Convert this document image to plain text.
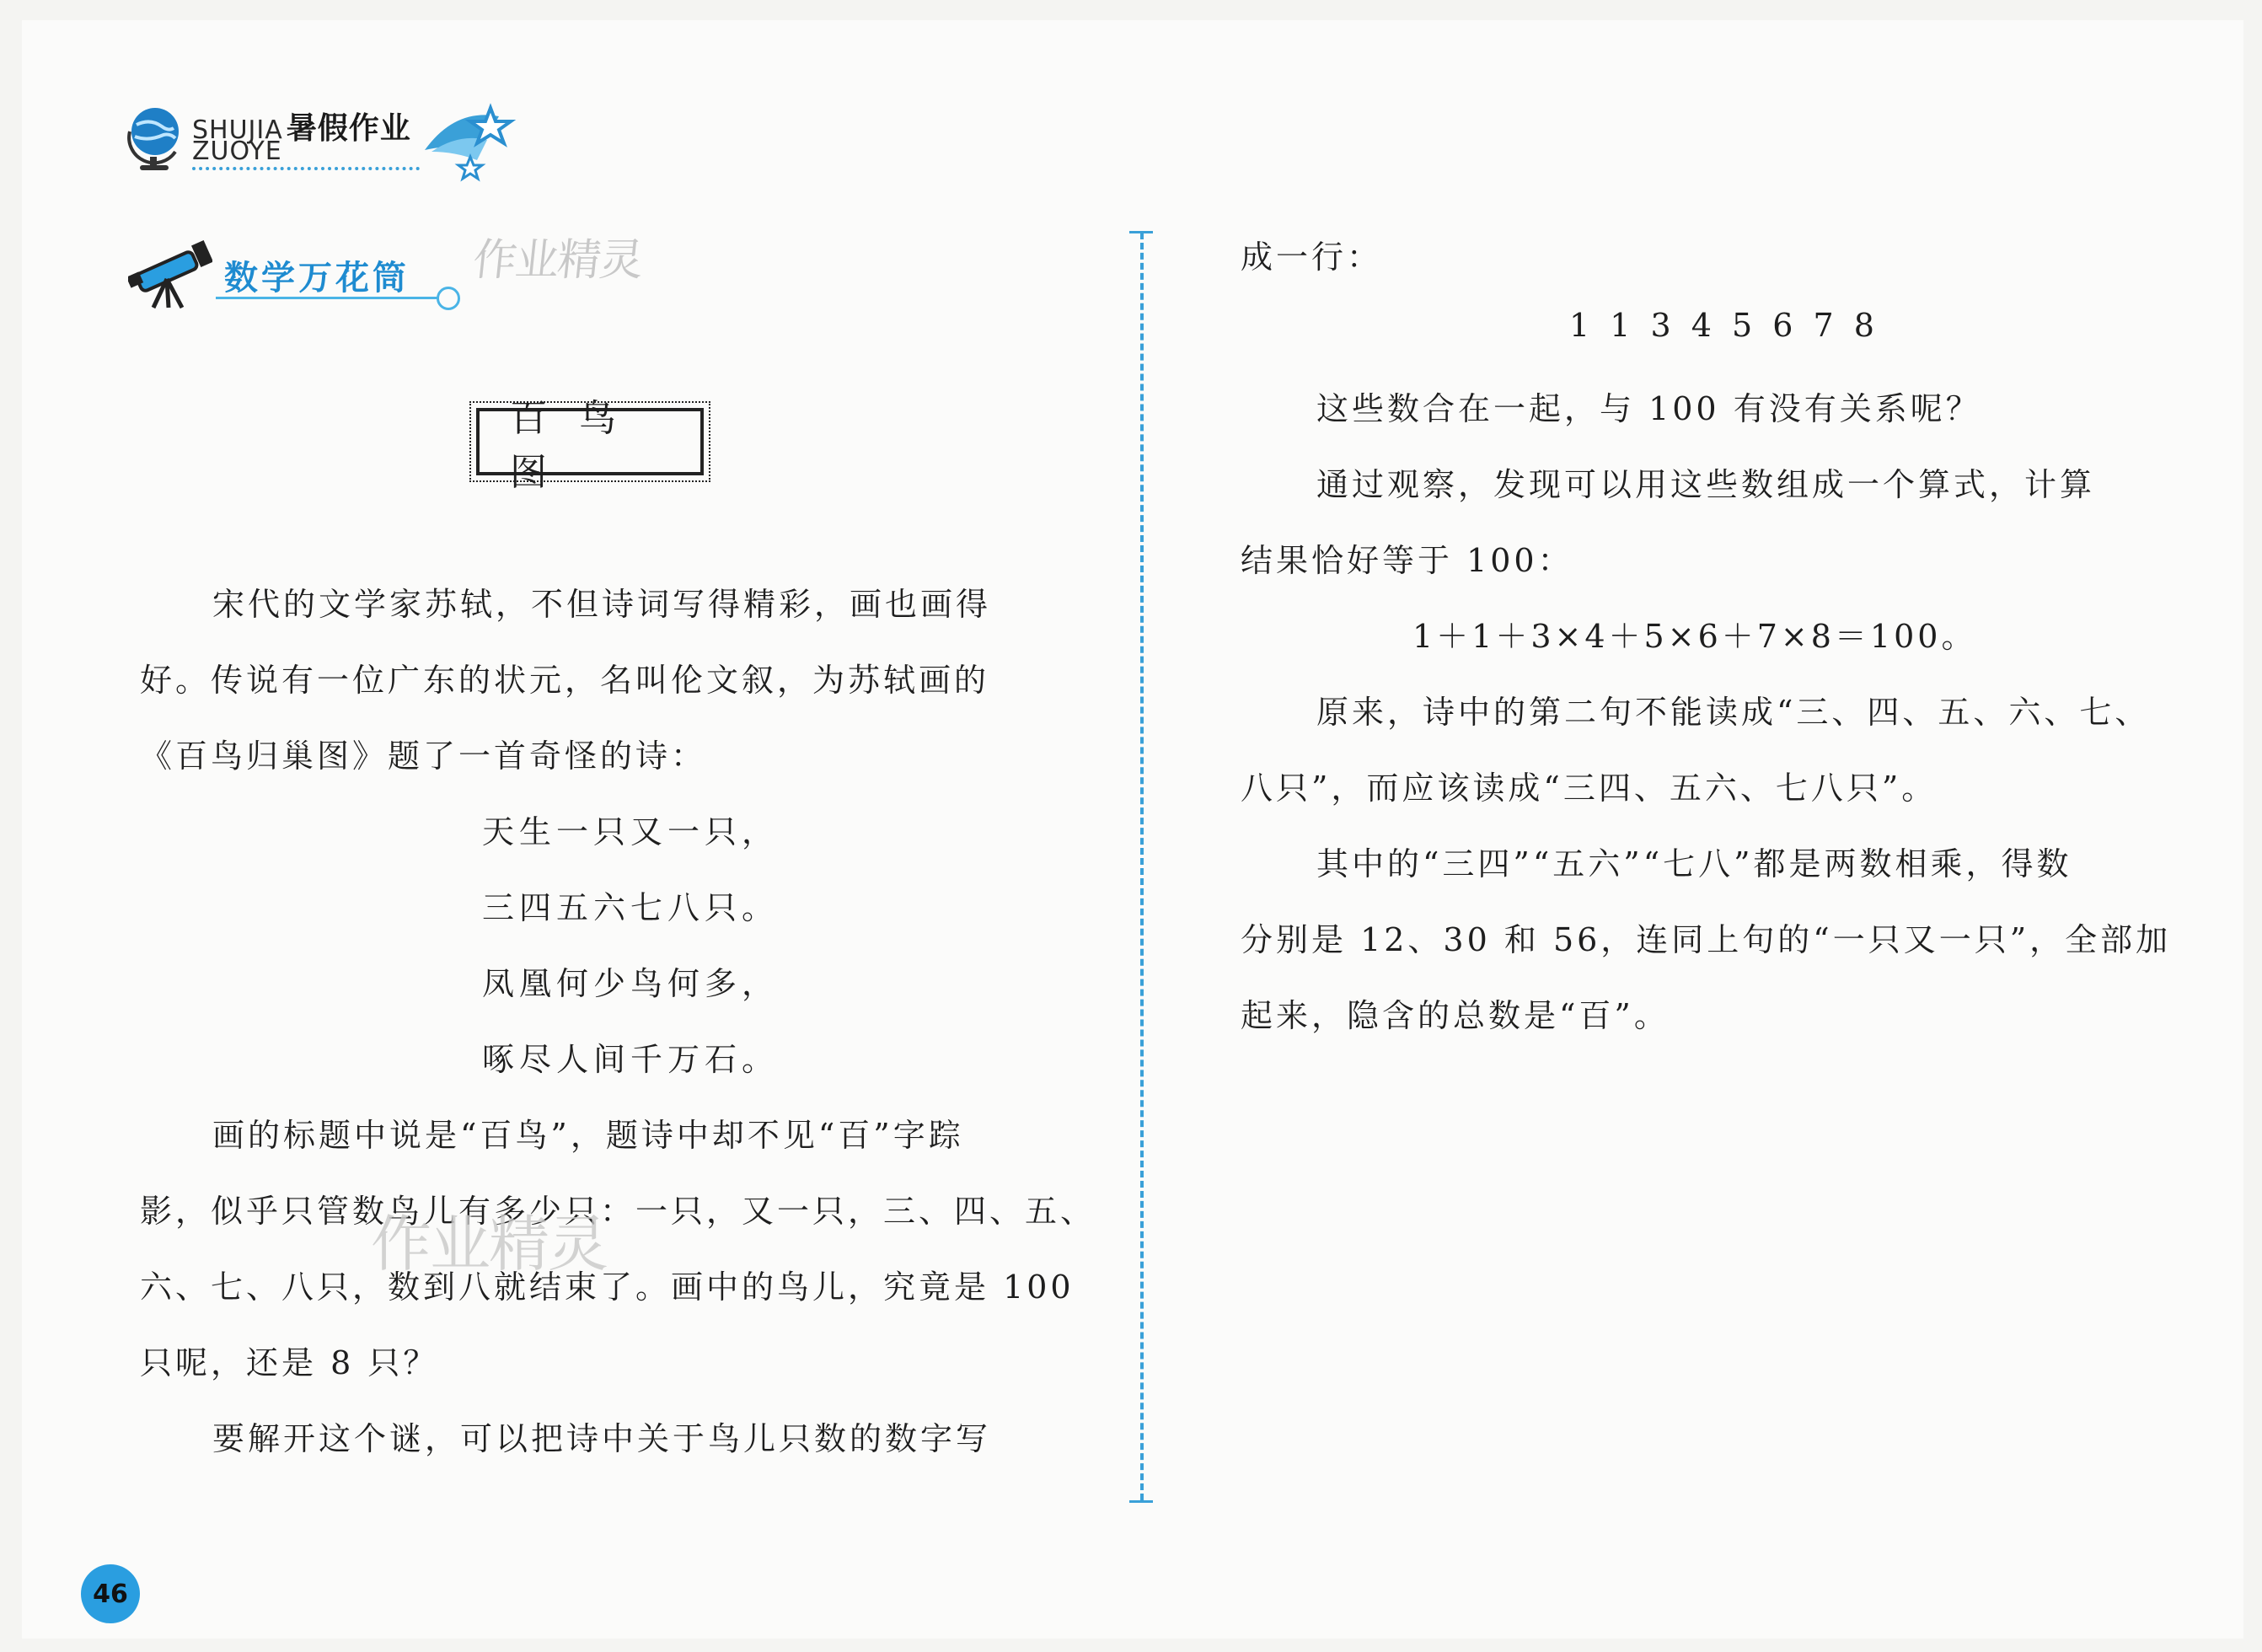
SHUJIA 暑假作业
ZUOYE
数学万花筒 作业精灵
百鸟图
宋代的文学家苏轼，不但诗词写得精彩，画也画得
好。传说有一位广东的状元，名叫伦文叙，为苏轼画的
《百鸟归巢图》题了一首奇怪的诗：
天生一只又一只，
三四五六七八只。
凤凰何少鸟何多，
啄尽人间千万石。
画的标题中说是“百鸟”，题诗中却不见“百”字踪
影，似乎只管数鸟儿有多少只：一只，又一只，三、四、五、
六、七、八只，数到八就结束了。画中的鸟儿，究竟是 100
只呢，还是 8 只？
要解开这个谜，可以把诗中关于鸟儿只数的数字写
作业精灵
成一行：
1 1 3 4 5 6 7 8
这些数合在一起，与 100 有没有关系呢？
通过观察，发现可以用这些数组成一个算式，计算
结果恰好等于 100：
1＋1＋3×4＋5×6＋7×8＝100。
原来，诗中的第二句不能读成“三、四、五、六、七、
八只”，而应该读成“三四、五六、七八只”。
其中的“三四”“五六”“七八”都是两数相乘，得数
分别是 12、30 和 56，连同上句的“一只又一只”，全部加
起来，隐含的总数是“百”。
46
